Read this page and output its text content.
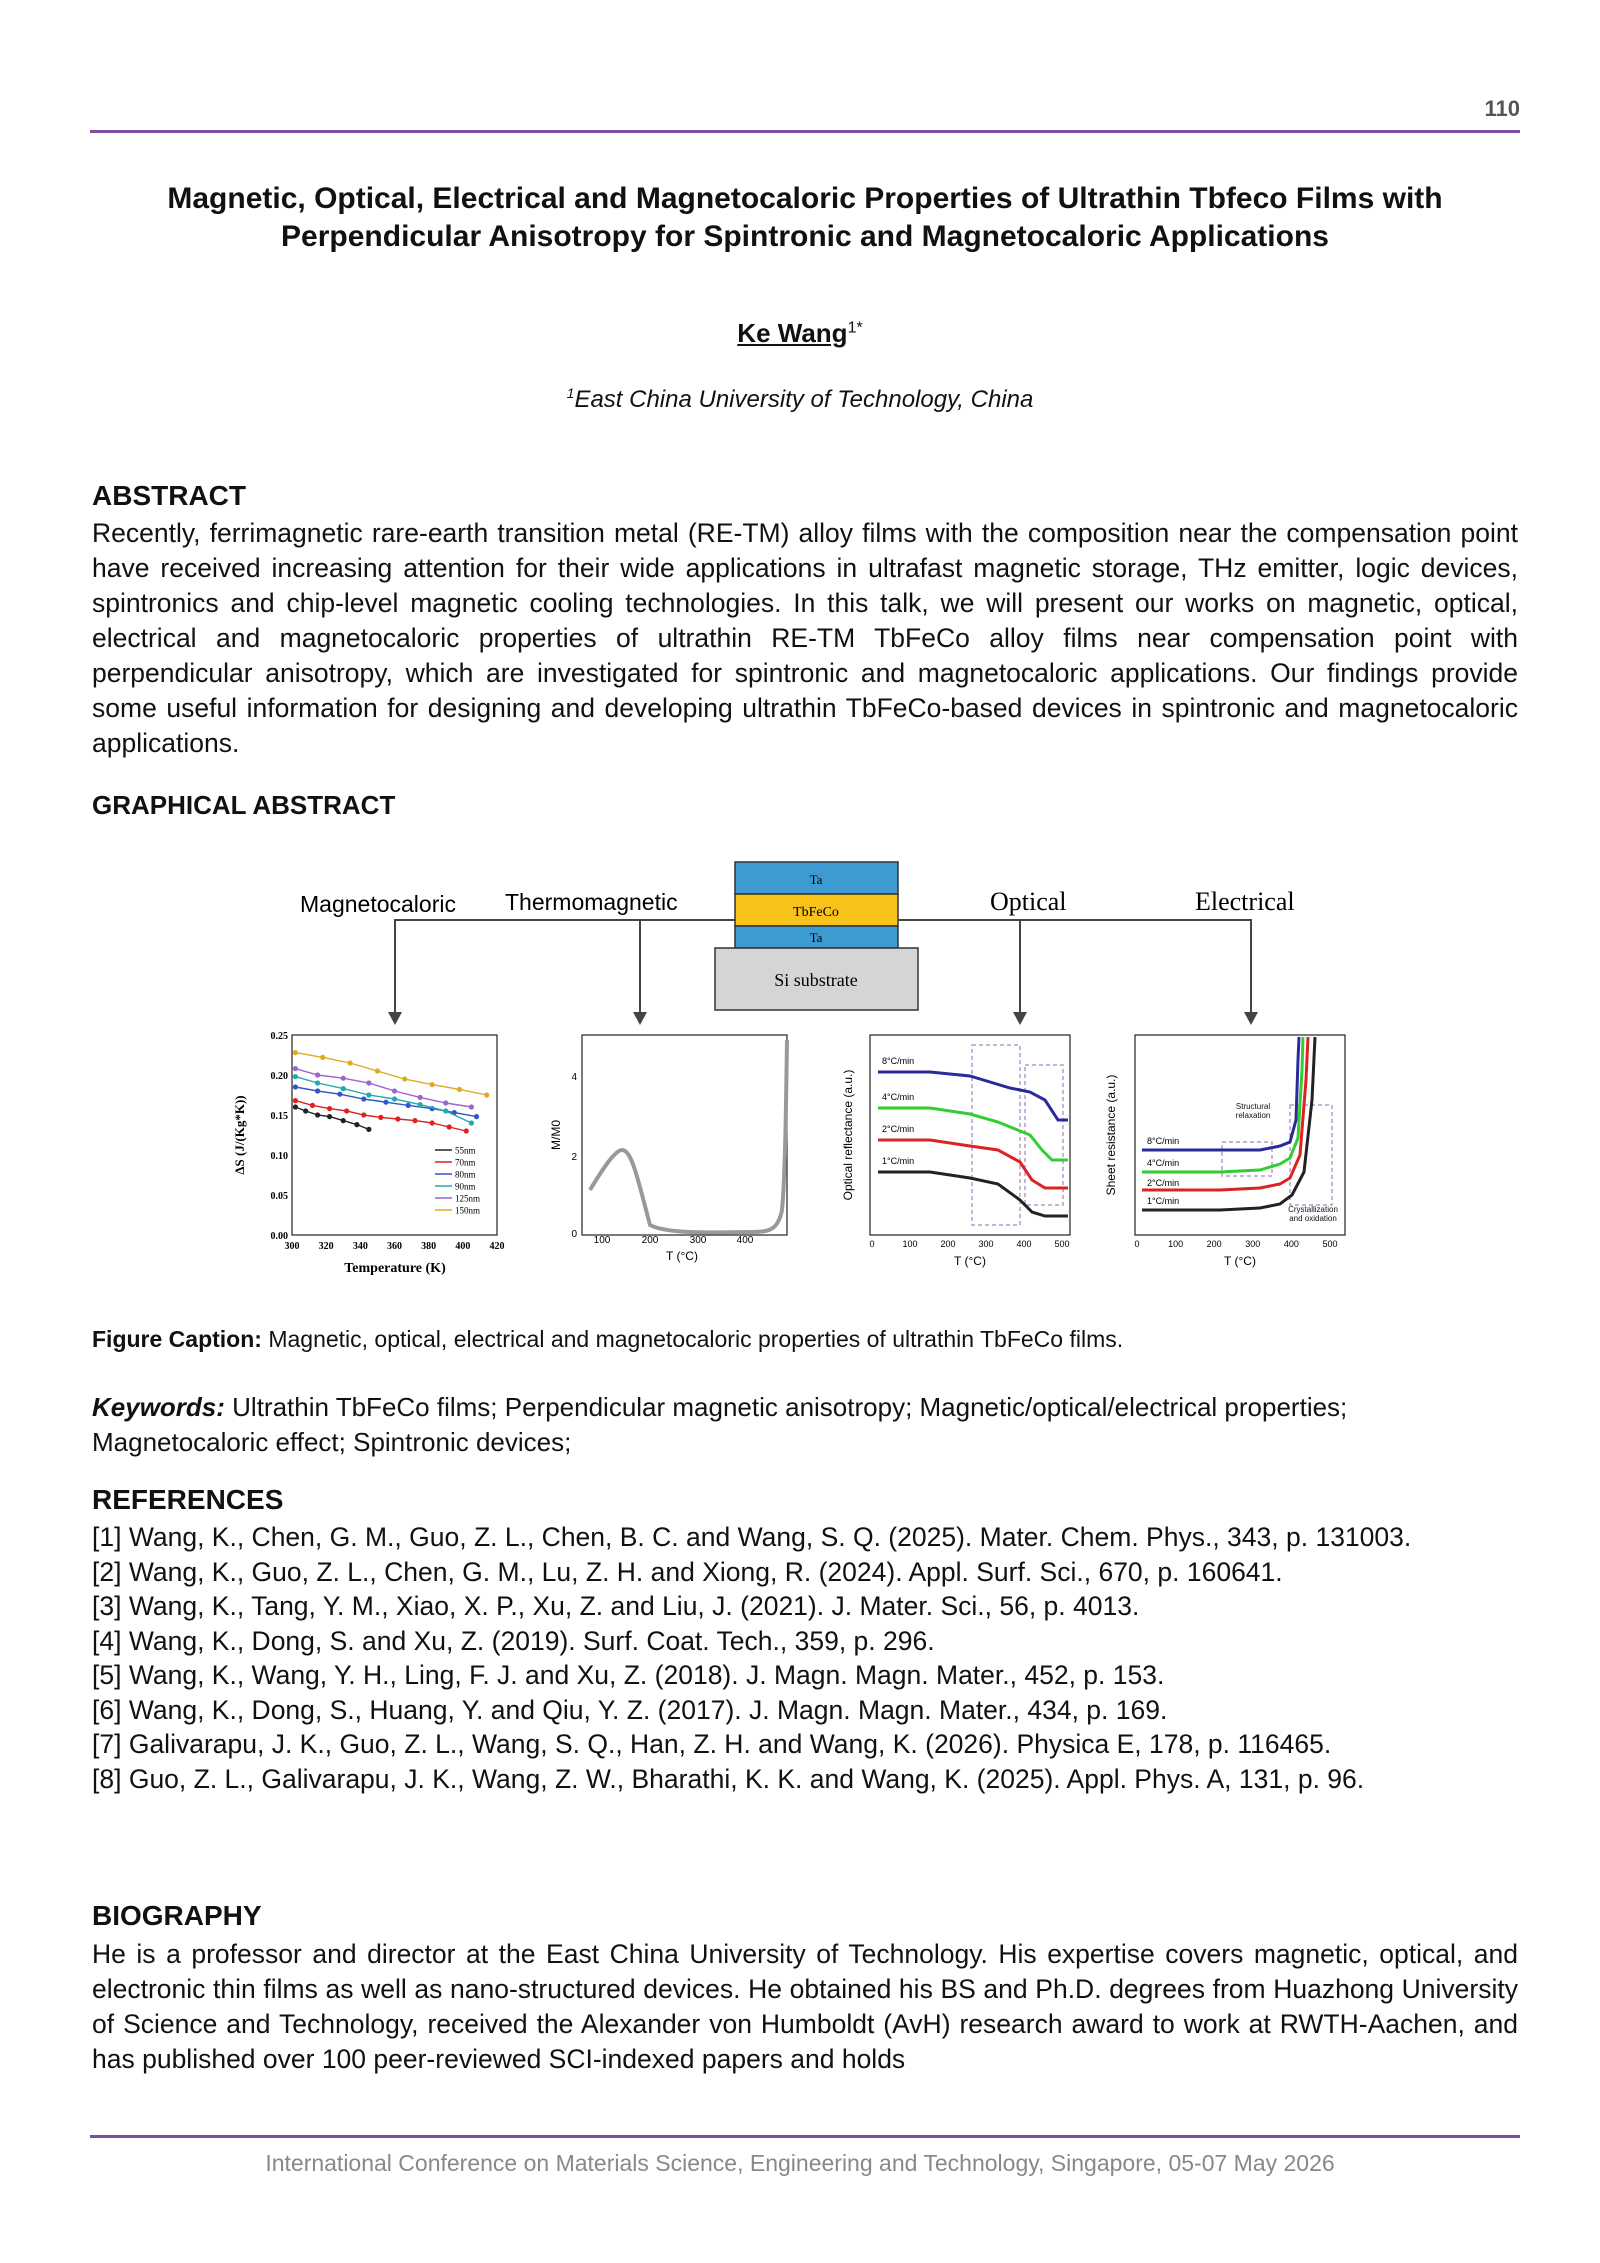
110
Magnetic, Optical, Electrical and Magnetocaloric Properties of Ultrathin Tbfeco Films with
Perpendicular Anisotropy for Spintronic and Magnetocaloric Applications
Ke Wang$^{1*}$
$^1$East China University of Technology, China
ABSTRACT
Recently, ferrimagnetic rare-earth transition metal (RE-TM) alloy films with the composition near the compensation point have received increasing attention for their wide applications in ultrafast magnetic storage, THz emitter, logic devices, spintronics and chip-level magnetic cooling technologies. In this talk, we will present our works on magnetic, optical, electrical and magnetocaloric properties of ultrathin RE-TM TbFeCo alloy films near compensation point with perpendicular anisotropy, which are investigated for spintronic and magnetocaloric applications. Our findings provide some useful information for designing and developing ultrathin TbFeCo-based devices in spintronic and magnetocaloric applications.
GRAPHICAL ABSTRACT
Magnetocaloric Thermomagnetic	Optical	Electrical
Ta
TbFeCo
Ta
Si substrate
0.00
0.05
0.10
0.15
0.20
0.25
300 320 340 360 380 400 420
55nm
70nm
80nm
90nm
125nm
150nm
ΔS (J/(Kg*K))
Temperature (K)
100	200	300	400
0
2
4
M/M0
T (°C)
8°C/min
4°C/min
2°C/min
1°C/min
0	100	200	300	400	500
Optical reflectance (a.u.)
T (°C)
8°C/min
4°C/min
2°C/min
1°C/min
Structural relaxation
Crystallization and oxidation
0	100	200	300	400	500
Sheet resistance (a.u.)
T (°C)
Figure Caption: Magnetic, optical, electrical and magnetocaloric properties of ultrathin TbFeCo films.
Keywords: Ultrathin TbFeCo films; Perpendicular magnetic anisotropy; Magnetic/optical/electrical properties; Magnetocaloric effect; Spintronic devices;
REFERENCES
[1] Wang, K., Chen, G. M., Guo, Z. L., Chen, B. C. and Wang, S. Q. (2025). Mater. Chem. Phys., 343, p. 131003.
[2] Wang, K., Guo, Z. L., Chen, G. M., Lu, Z. H. and Xiong, R. (2024). Appl. Surf. Sci., 670, p. 160641.
[3] Wang, K., Tang, Y. M., Xiao, X. P., Xu, Z. and Liu, J. (2021). J. Mater. Sci., 56, p. 4013.
[4] Wang, K., Dong, S. and Xu, Z. (2019). Surf. Coat. Tech., 359, p. 296.
[5] Wang, K., Wang, Y. H., Ling, F. J. and Xu, Z. (2018). J. Magn. Magn. Mater., 452, p. 153.
[6] Wang, K., Dong, S., Huang, Y. and Qiu, Y. Z. (2017). J. Magn. Magn. Mater., 434, p. 169.
[7] Galivarapu, J. K., Guo, Z. L., Wang, S. Q., Han, Z. H. and Wang, K. (2026). Physica E, 178, p. 116465.
[8] Guo, Z. L., Galivarapu, J. K., Wang, Z. W., Bharathi, K. K. and Wang, K. (2025). Appl. Phys. A, 131, p. 96.
BIOGRAPHY
He is a professor and director at the East China University of Technology. His expertise covers magnetic, optical, and electronic thin films as well as nano-structured devices. He obtained his BS and Ph.D. degrees from Huazhong University of Science and Technology, received the Alexander von Humboldt (AvH) research award to work at RWTH-Aachen, and has published over 100 peer-reviewed SCI-indexed papers and holds
International Conference on Materials Science, Engineering and Technology, Singapore, 05-07 May 2026
